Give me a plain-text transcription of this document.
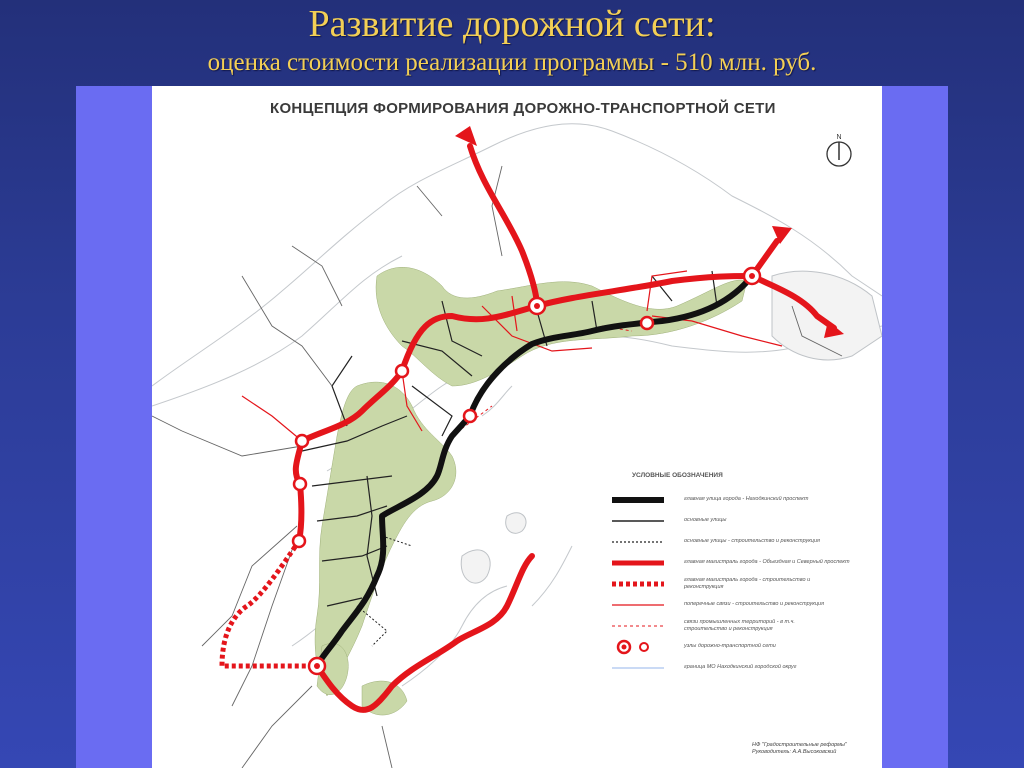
Развитие дорожной сети:

оценка стоимости реализации программы - 510 млн. руб.

КОНЦЕПЦИЯ ФОРМИРОВАНИЯ ДОРОЖНО-ТРАНСПОРТНОЙ СЕТИ
N

УСЛОВНЫЕ ОБОЗНАЧЕНИЯ

главная улица города - Находкинский проспект
основные улицы
основные улицы - строительство и реконструкция
главная магистраль города - Объездная и Северный проспект
главная магистраль города - строительство и реконструкция
поперечные связи - строительство и реконструкция
связи промышленных территорий - в т.ч.
строительство и реконструкция
узлы дорожно-транспортной сети
граница МО Находкинский городской округ
НФ "Градостроительные реформы"
Руководитель: А.А.Высоковский
